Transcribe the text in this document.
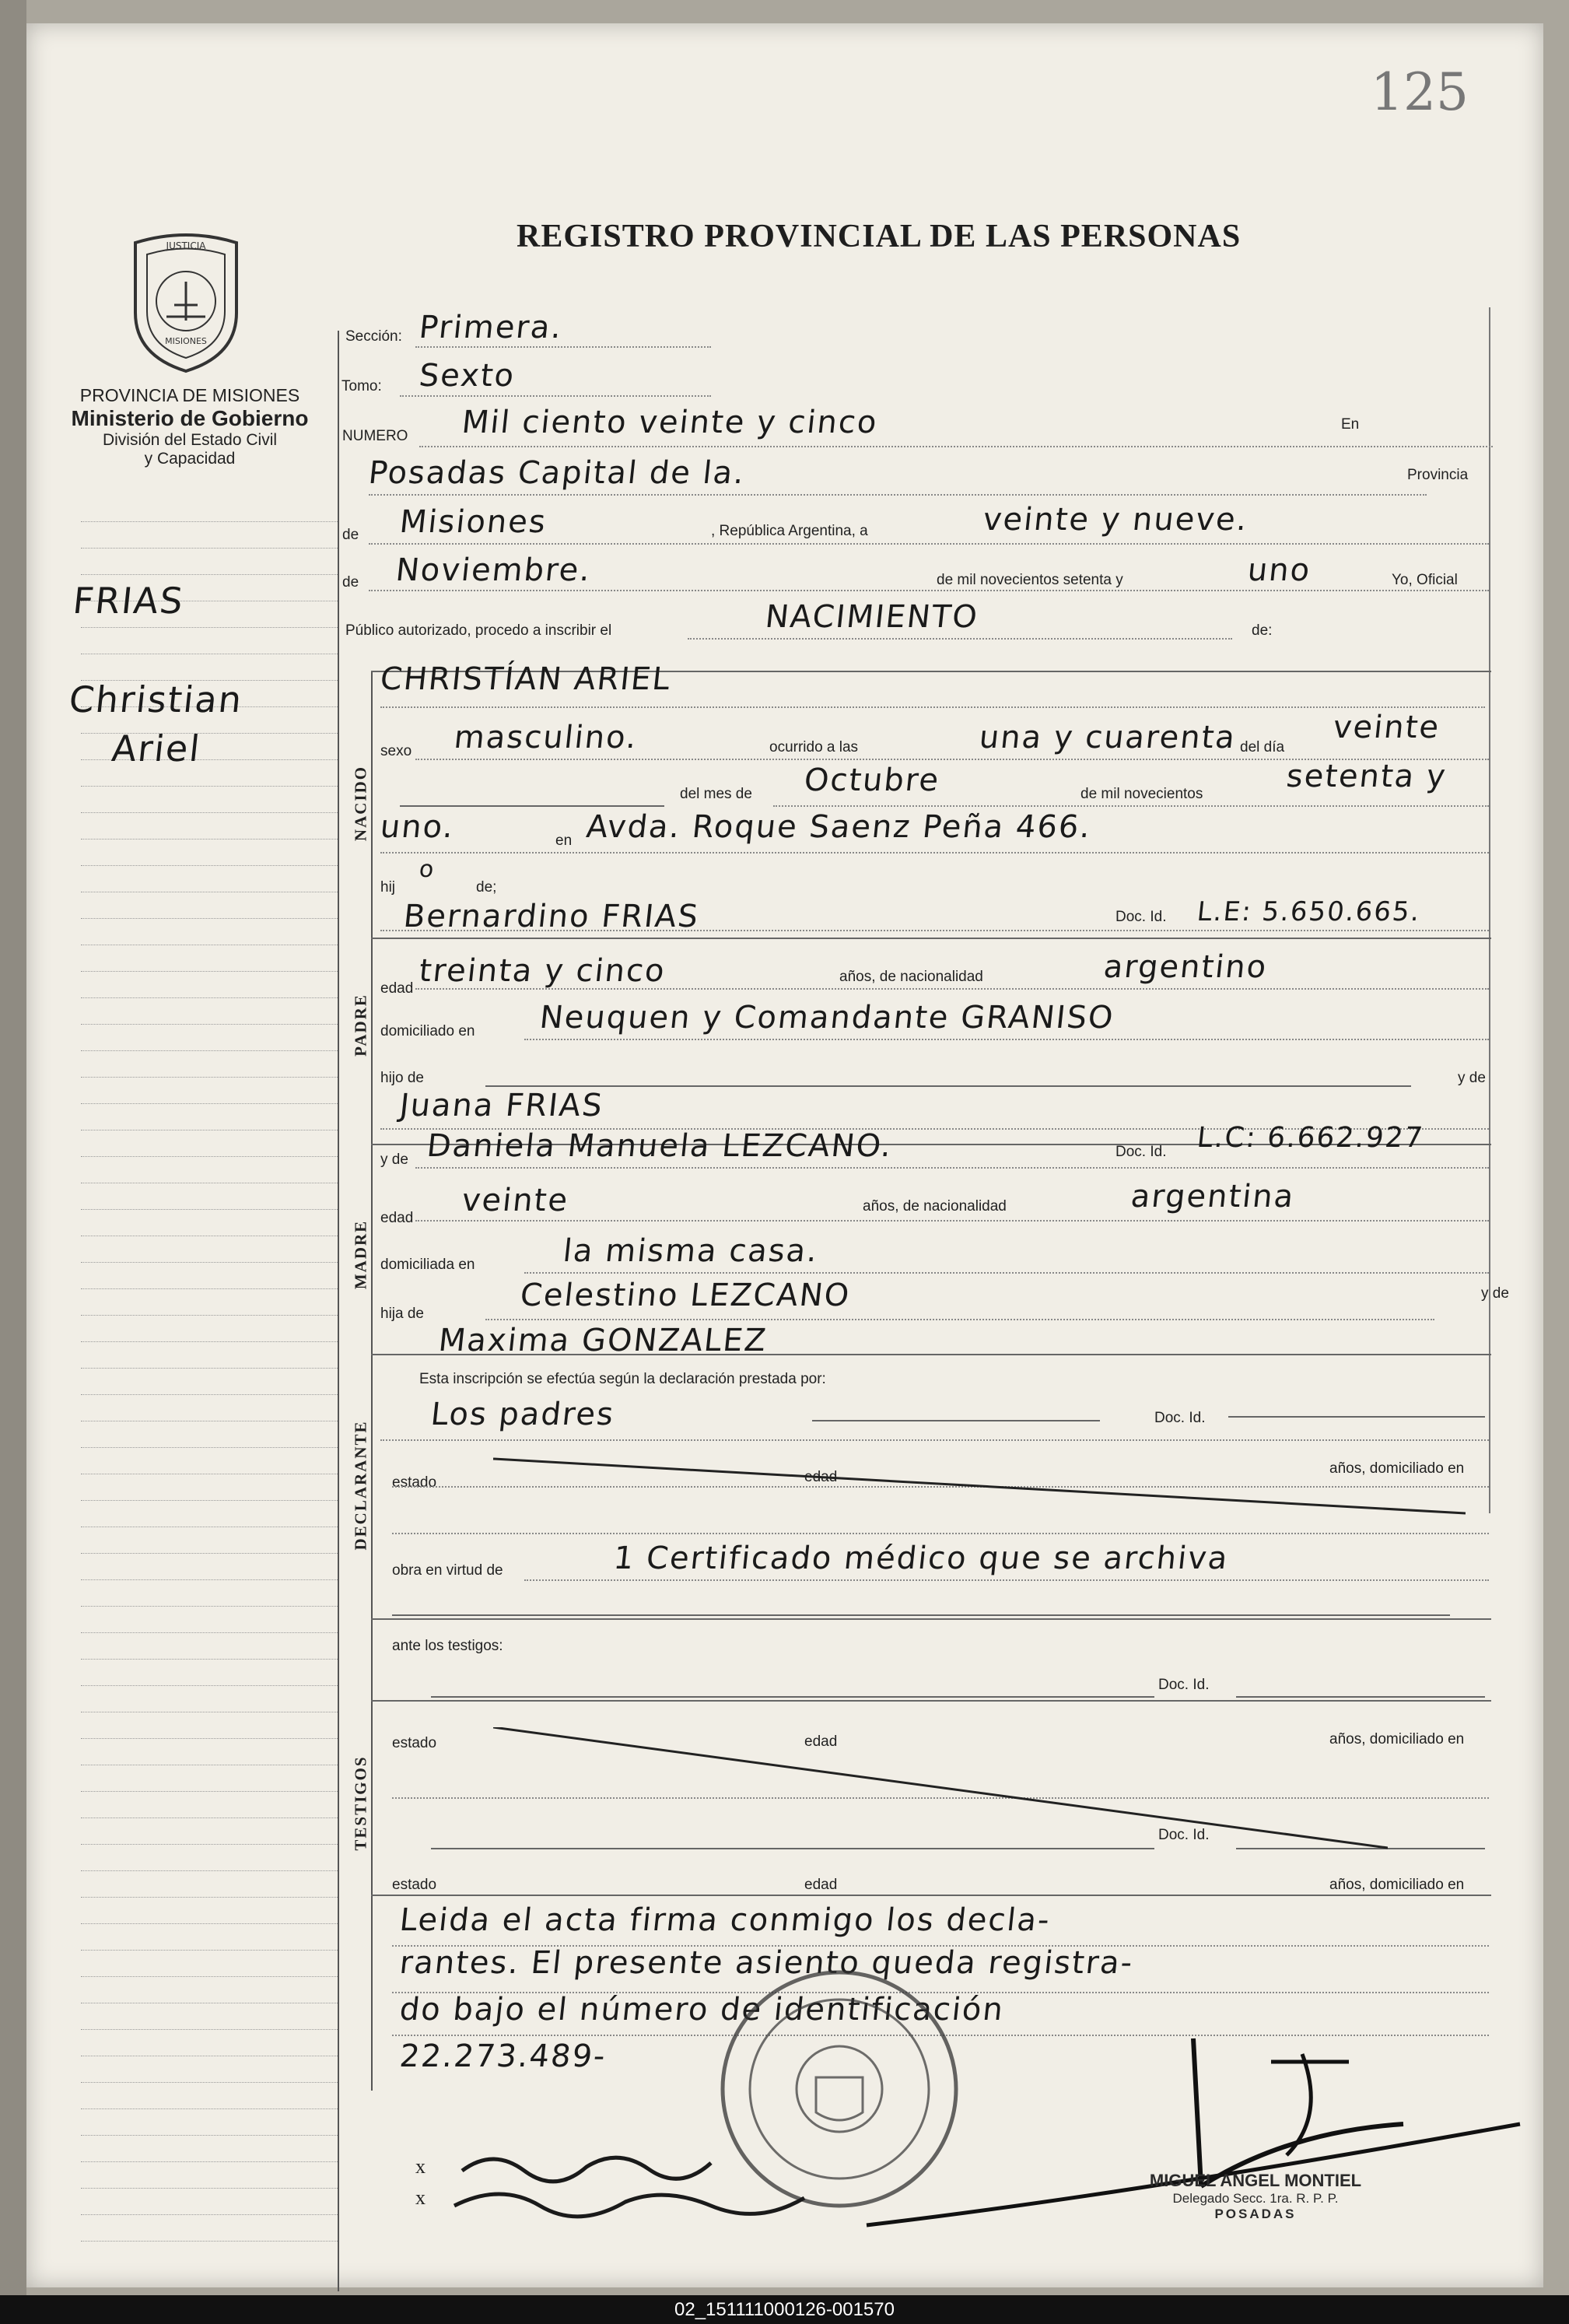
125
REGISTRO PROVINCIAL DE LAS PERSONAS
JUSTICIA
MISIONES
PROVINCIA DE MISIONES
Ministerio de Gobierno
División del Estado Civil
y Capacidad
FRIAS
Christian
Ariel
NACIDO
PADRE
MADRE
DECLARANTE
TESTIGOS
Sección: Primera.
Tomo: Sexto
NUMERO Mil ciento veinte y cinco	En
Posadas Capital de la.	Provincia
de Misiones	, República Argentina, a	veinte y nueve.
de Noviembre.	de mil novecientos setenta y	uno	Yo, Oficial
Público autorizado, procedo a inscribir el	NACIMIENTO	de:
CHRISTÍAN ARIEL
sexo masculino.	ocurrido a las	una y cuarenta del día
veinte
del mes de Octubre	de mil novecientos	setenta y
uno.	en Avda. Roque Saenz Peña 466.
hij
o
de;
Bernardino FRIAS	Doc. Id. L.E: 5.650.665.
edad treinta y cinco	años, de nacionalidad	argentino
domiciliado en Neuquen y Comandante GRANISO
hijo de	y de
Juana FRIAS
y de Daniela Manuela LEZCANO.	Doc. Id. L.C: 6.662.927
edad veinte	años, de nacionalidad	argentina
domiciliada en	la misma casa.
hija de
Celestino LEZCANO	y de
Maxima GONZALEZ
Esta inscripción se efectúa según la declaración prestada por:
Los padres	Doc. Id.
estado
años, domiciliado en
obra en virtud de	1 Certificado médico que se archiva
ante los testigos:
Doc. Id.
estado	edad	años, domiciliado en
Doc. Id.
estado	edad	años, domiciliado en
Leida el acta firma conmigo los decla-
rantes. El presente asiento queda registra-
do bajo el número de identificación
22.273.489-
x
x
MIGUEL ANGEL MONTIEL
Delegado Secc. 1ra. R. P. P.
POSADAS
02_151111000126-001570
